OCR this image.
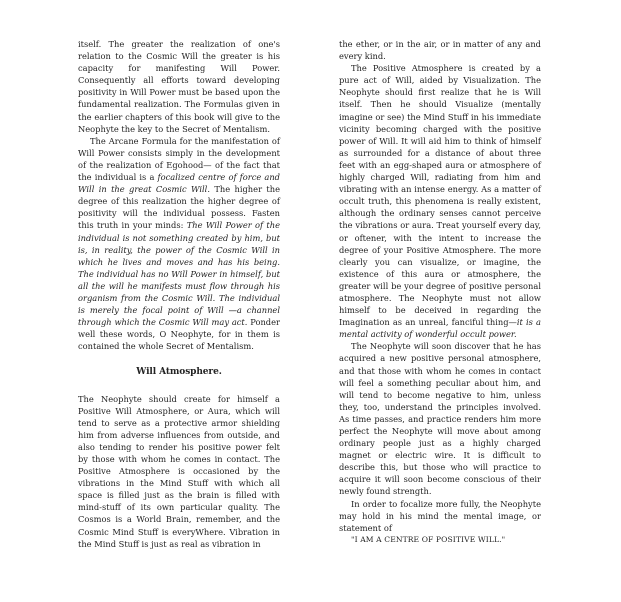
itself. The greater the realization of one's relation to the Cosmic Will the greater is his capacity for manifesting Will Power. Consequently all efforts toward developing positivity in Will Power must be based upon the fundamental realization. The Formulas given in the earlier chapters of this book will give to the Neophyte the key to the Secret of Mentalism.

The Arcane Formula for the manifestation of Will Power consists simply in the development of the realization of Egohood— of the fact that the individual is a focalized centre of force and Will in the great Cosmic Will. The higher the degree of this realization the higher degree of positivity will the individual possess. Fasten this truth in your minds: The Will Power of the individual is not something created by him, but is, in reality, the power of the Cosmic Will in which he lives and moves and has his being. The individual has no Will Power in himself, but all the will he manifests must flow through his organism from the Cosmic Will. The individual is merely the focal point of Will —a channel through which the Cosmic Will may act. Ponder well these words, O Neophyte, for in them is contained the whole Secret of Mentalism.

Will Atmosphere.

The Neophyte should create for himself a Positive Will Atmosphere, or Aura, which will tend to serve as a protective armor shielding him from adverse influences from outside, and also tending to render his positive power felt by those with whom he comes in contact. The Positive Atmosphere is occasioned by the vibrations in the Mind Stuff with which all space is filled just as the brain is filled with mind-stuff of its own particular quality. The Cosmos is a World Brain, remember, and the Cosmic Mind Stuff is everyWhere. Vibration in the Mind Stuff is just as real as vibration in

the ether, or in the air, or in matter of any and every kind.

The Positive Atmosphere is created by a pure act of Will, aided by Visualization. The Neophyte should first realize that he is Will itself. Then he should Visualize (mentally imagine or see) the Mind Stuff in his immediate vicinity becoming charged with the positive power of Will. It will aid him to think of himself as surrounded for a distance of about three feet with an egg-shaped aura or atmosphere of highly charged Will, radiating from him and vibrating with an intense energy. As a matter of occult truth, this phenomena is really existent, although the ordinary senses cannot perceive the vibrations or aura. Treat yourself every day, or oftener, with the intent to increase the degree of your Positive Atmosphere. The more clearly you can visualize, or imagine, the existence of this aura or atmosphere, the greater will be your degree of positive personal atmosphere. The Neophyte must not allow himself to be deceived in regarding the Imagination as an unreal, fanciful thing—it is a mental activity of wonderful occult power.

The Neophyte will soon discover that he has acquired a new positive personal atmosphere, and that those with whom he comes in contact will feel a something peculiar about him, and will tend to become negative to him, unless they, too, understand the principles involved. As time passes, and practice renders him more perfect the Neophyte will move about among ordinary people just as a highly charged magnet or electric wire. It is difficult to describe this, but those who will practice to acquire it will soon become conscious of their newly found strength.

In order to focalize more fully, the Neophyte may hold in his mind the mental image, or statement of

"I AM A CENTRE OF POSITIVE WILL."
